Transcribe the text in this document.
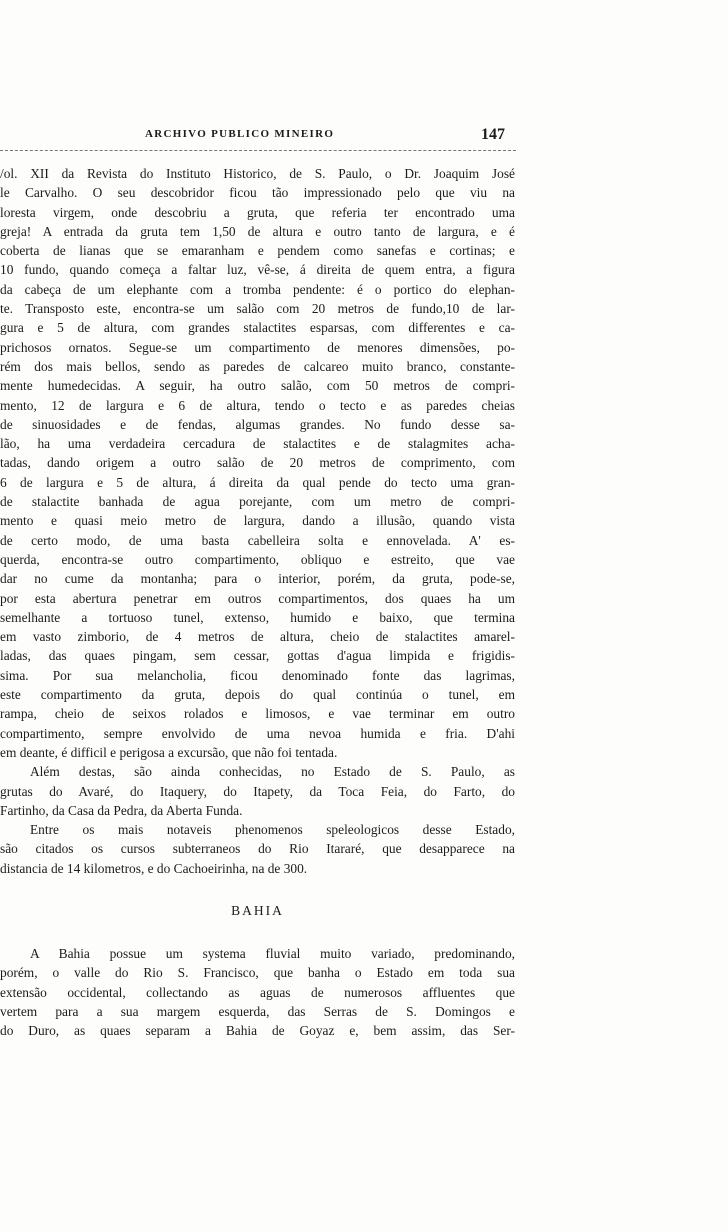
ARCHIVO PUBLICO MINEIRO	147
/ol. XII da Revista do Instituto Historico, de S. Paulo, o Dr. Joaquim José
le Carvalho. O seu descobridor ficou tão impressionado pelo que viu na
loresta virgem, onde descobriu a gruta, que referia ter encontrado uma
greja! A entrada da gruta tem 1,50 de altura e outro tanto de largura, e é
coberta de lianas que se emaranham e pendem como sanefas e cortinas; e
10 fundo, quando começa a faltar luz, vê-se, á direita de quem entra, a figura
da cabeça de um elephante com a tromba pendente: é o portico do elephan-
te. Transposto este, encontra-se um salão com 20 metros de fundo,10 de lar-
gura e 5 de altura, com grandes stalactites esparsas, com differentes e ca-
prichosos ornatos. Segue-se um compartimento de menores dimensões, po-
rém dos mais bellos, sendo as paredes de calcareo muito branco, constante-
mente humedecidas. A seguir, ha outro salão, com 50 metros de compri-
mento, 12 de largura e 6 de altura, tendo o tecto e as paredes cheias
de sinuosidades e de fendas, algumas grandes. No fundo desse sa-
lão, ha uma verdadeira cercadura de stalactites e de stalagmites acha-
tadas, dando origem a outro salão de 20 metros de comprimento, com
6 de largura e 5 de altura, á direita da qual pende do tecto uma gran-
de stalactite banhada de agua porejante, com um metro de compri-
mento e quasi meio metro de largura, dando a illusão, quando vista
de certo modo, de uma basta cabelleira solta e ennovelada. A' es-
querda, encontra-se outro compartimento, obliquo e estreito, que vae
dar no cume da montanha; para o interior, porém, da gruta, pode-se,
por esta abertura penetrar em outros compartimentos, dos quaes ha um
semelhante a tortuoso tunel, extenso, humido e baixo, que termina
em vasto zimborio, de 4 metros de altura, cheio de stalactites amarel-
ladas, das quaes pingam, sem cessar, gottas d'agua limpida e frigidis-
sima. Por sua melancholia, ficou denominado fonte das lagrimas,
este compartimento da gruta, depois do qual continúa o tunel, em
rampa, cheio de seixos rolados e limosos, e vae terminar em outro
compartimento, sempre envolvido de uma nevoa humida e fria. D'ahi
em deante, é difficil e perigosa a excursão, que não foi tentada.
Além destas, são ainda conhecidas, no Estado de S. Paulo, as
grutas do Avaré, do Itaquery, do Itapety, da Toca Feia, do Farto, do
Fartinho, da Casa da Pedra, da Aberta Funda.
Entre os mais notaveis phenomenos speleologicos desse Estado,
são citados os cursos subterraneos do Rio Itararé, que desapparece na
distancia de 14 kilometros, e do Cachoeirinha, na de 300.
BAHIA
A Bahia possue um systema fluvial muito variado, predominando,
porém, o valle do Rio S. Francisco, que banha o Estado em toda sua
extensão occidental, collectando as aguas de numerosos affluentes que
vertem para a sua margem esquerda, das Serras de S. Domingos e
do Duro, as quaes separam a Bahia de Goyaz e, bem assim, das Ser-
